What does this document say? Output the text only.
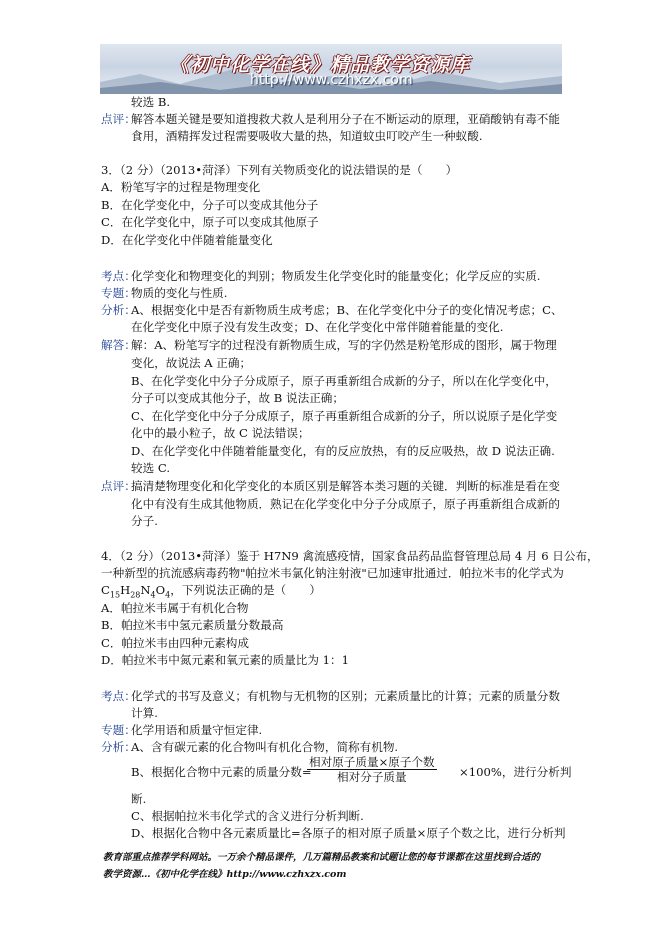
《初中化学在线》精品教学资源库
http://www.czhxzx.com
较选 B.
点评：
解答本题关键是要知道搜救犬救人是利用分子在不断运动的原理，亚硝酸钠有毒不能
食用，酒精挥发过程需要吸收大量的热，知道蚊虫叮咬产生一种蚁酸.
3．（2 分）（2013•菏泽）下列有关物质变化的说法错误的是（　　）
A．粉笔写字的过程是物理变化
B．在化学变化中，分子可以变成其他分子
C．在化学变化中，原子可以变成其他原子
D．在化学变化中伴随着能量变化
考点：
化学变化和物理变化的判别；物质发生化学变化时的能量变化；化学反应的实质.
专题：
物质的变化与性质.
分析：
A、根据变化中是否有新物质生成考虑；B、在化学变化中分子的变化情况考虑；C、
在化学变化中原子没有发生改变；D、在化学变化中常伴随着能量的变化.
解答：
解：A、粉笔写字的过程没有新物质生成，写的字仍然是粉笔形成的图形，属于物理
变化，故说法 A 正确；
B、在化学变化中分子分成原子，原子再重新组合成新的分子，所以在化学变化中，
分子可以变成其他分子，故 B 说法正确；
C、在化学变化中分子分成原子，原子再重新组合成新的分子，所以说原子是化学变
化中的最小粒子，故 C 说法错误；
D、在化学变化中伴随着能量变化，有的反应放热，有的反应吸热，故 D 说法正确.
较选 C.
点评：
搞清楚物理变化和化学变化的本质区别是解答本类习题的关键．判断的标准是看在变
化中有没有生成其他物质．熟记在化学变化中分子分成原子，原子再重新组合成新的
分子.
4．（2 分）（2013•菏泽）鉴于 H7N9 禽流感疫情，国家食品药品监督管理总局 4 月 6 日公布，
一种新型的抗流感病毒药物"帕拉米韦氯化钠注射液"已加速审批通过．帕拉米韦的化学式为
$C_{15}H_{28}N_4O_4$，下列说法正确的是（　　）
A．帕拉米韦属于有机化合物
B．帕拉米韦中氢元素质量分数最高
C．帕拉米韦由四种元素构成
D．帕拉米韦中氮元素和氧元素的质量比为 1：1
考点：
化学式的书写及意义；有机物与无机物的区别；元素质量比的计算；元素的质量分数
计算.
专题：
化学用语和质量守恒定律.
分析：
A、含有碳元素的化合物叫有机化合物，简称有机物.
B、根据化合物中元素的质量分数=
相对原子质量×原子个数
相对分子质量	×100%，进行分析判
断.
C、根据帕拉米韦化学式的含义进行分析判断.
D、根据化合物中各元素质量比=各原子的相对原子质量×原子个数之比，进行分析判
教育部重点推荐学科网站。一万余个精品课件，几万篇精品教案和试题让您的每节课都在这里找到合适的
教学资源…《初中化学在线》http://www.czhxzx.com
